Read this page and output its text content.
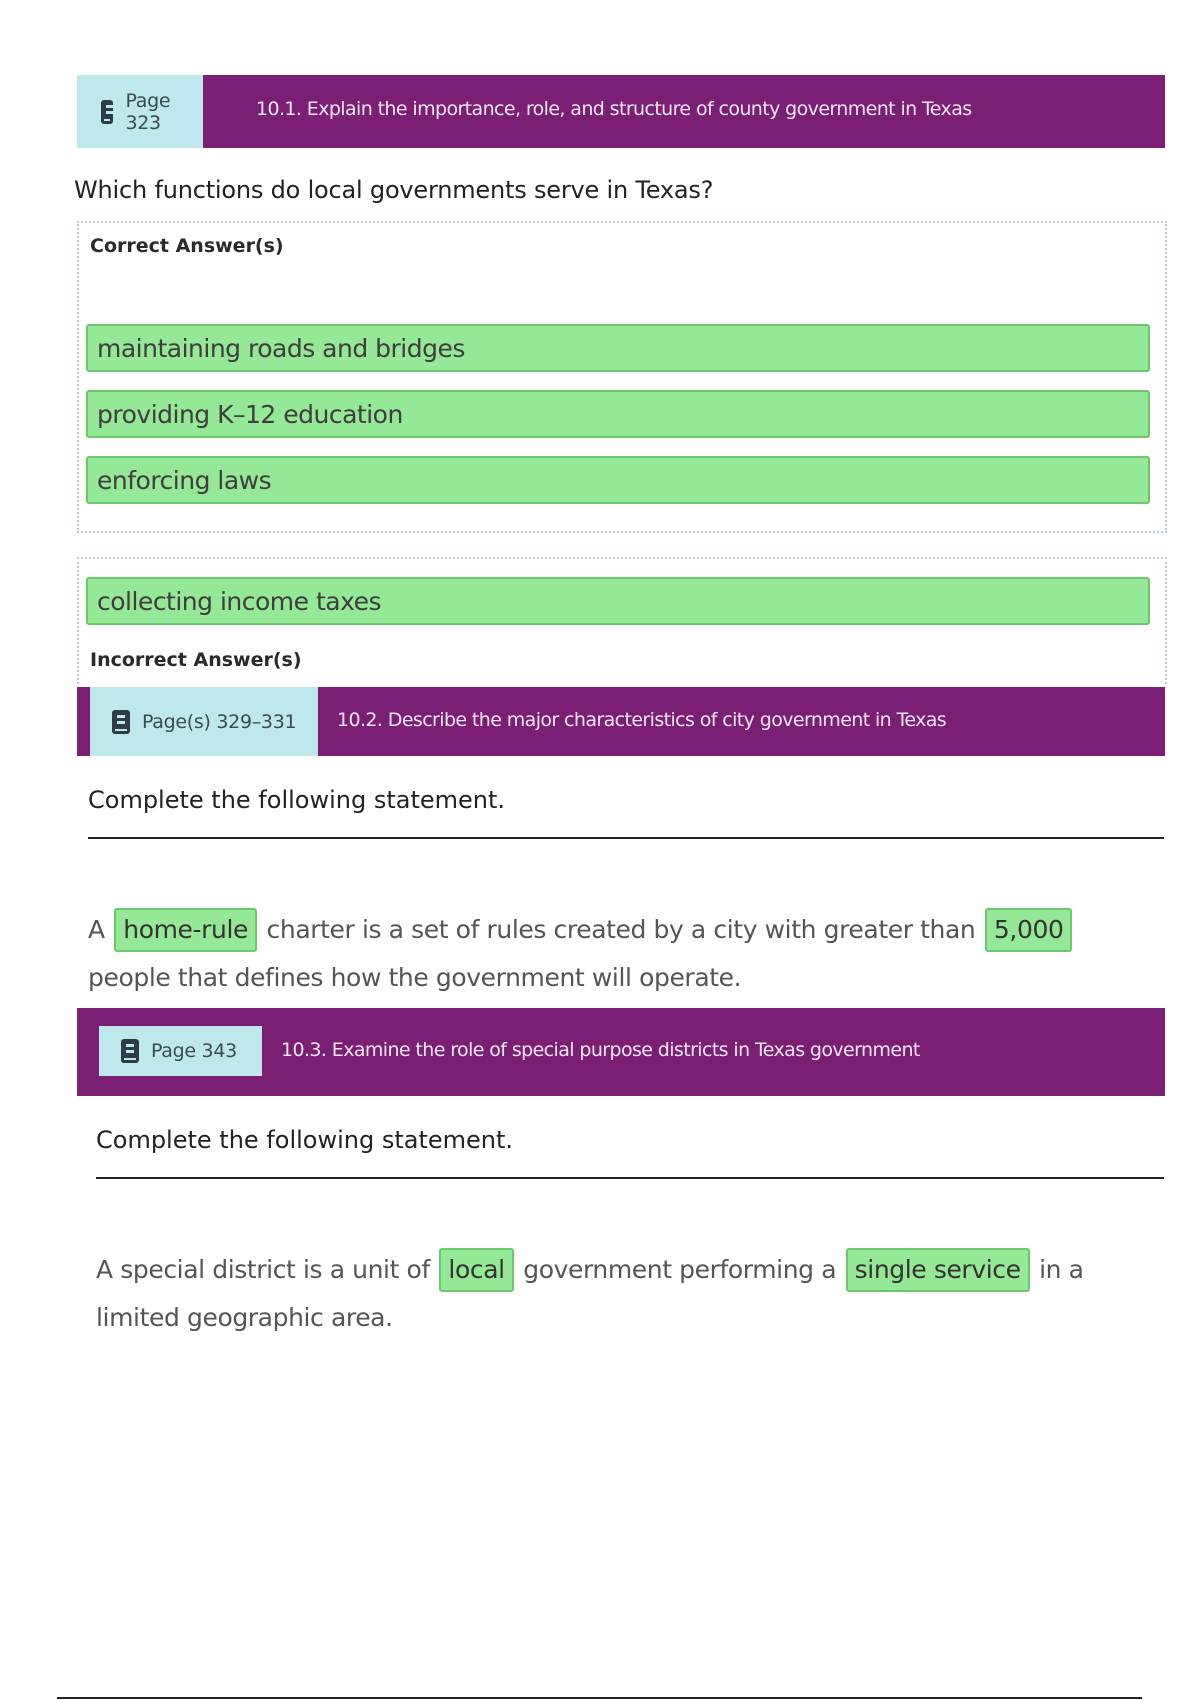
Page 323
10.1. Explain the importance, role, and structure of county government in Texas
Which functions do local governments serve in Texas?
Correct Answer(s)
maintaining roads and bridges
providing K–12 education
enforcing laws
collecting income taxes
Incorrect Answer(s)
Page(s) 329–331 10.2. Describe the major characteristics of city government in Texas
Complete the following statement.
A home-rule charter is a set of rules created by a city with greater than 5,000 people that defines how the government will operate.
Page 343 10.3. Examine the role of special purpose districts in Texas government
Complete the following statement.
A special district is a unit of local government performing a single service in a limited geographic area.
